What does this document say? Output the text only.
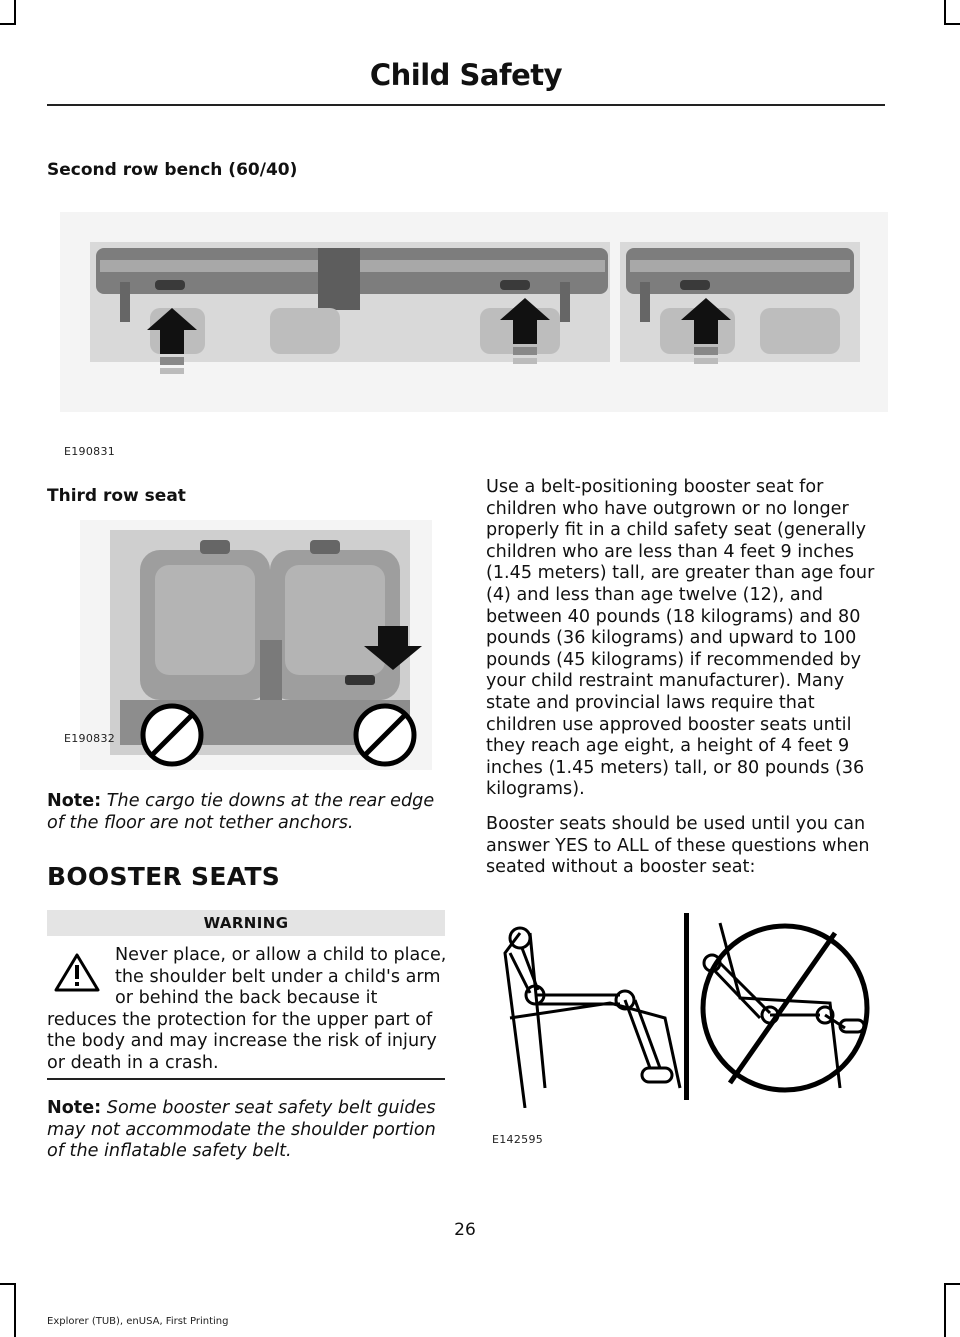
Child Safety
Second row bench (60/40)
E190831
Third row seat
E190832
Note: The cargo tie downs at the rear edge of the floor are not tether anchors.
BOOSTER SEATS
WARNING
Never place, or allow a child to place, the shoulder belt under a child's arm or behind the back because it reduces the protection for the upper part of the body and may increase the risk of injury or death in a crash.
Note: Some booster seat safety belt guides may not accommodate the shoulder portion of the inflatable safety belt.

Use a belt-positioning booster seat for children who have outgrown or no longer properly fit in a child safety seat (generally children who are less than 4 feet 9 inches (1.45 meters) tall, are greater than age four (4) and less than age twelve (12), and between 40 pounds (18 kilograms) and 80 pounds (36 kilograms) and upward to 100 pounds (45 kilograms) if recommended by your child restraint manufacturer). Many state and provincial laws require that children use approved booster seats until they reach age eight, a height of 4 feet 9 inches (1.45 meters) tall, or 80 pounds (36 kilograms).

Booster seats should be used until you can answer YES to ALL of these questions when seated without a booster seat:

E142595
26
Explorer (TUB), enUSA, First Printing
